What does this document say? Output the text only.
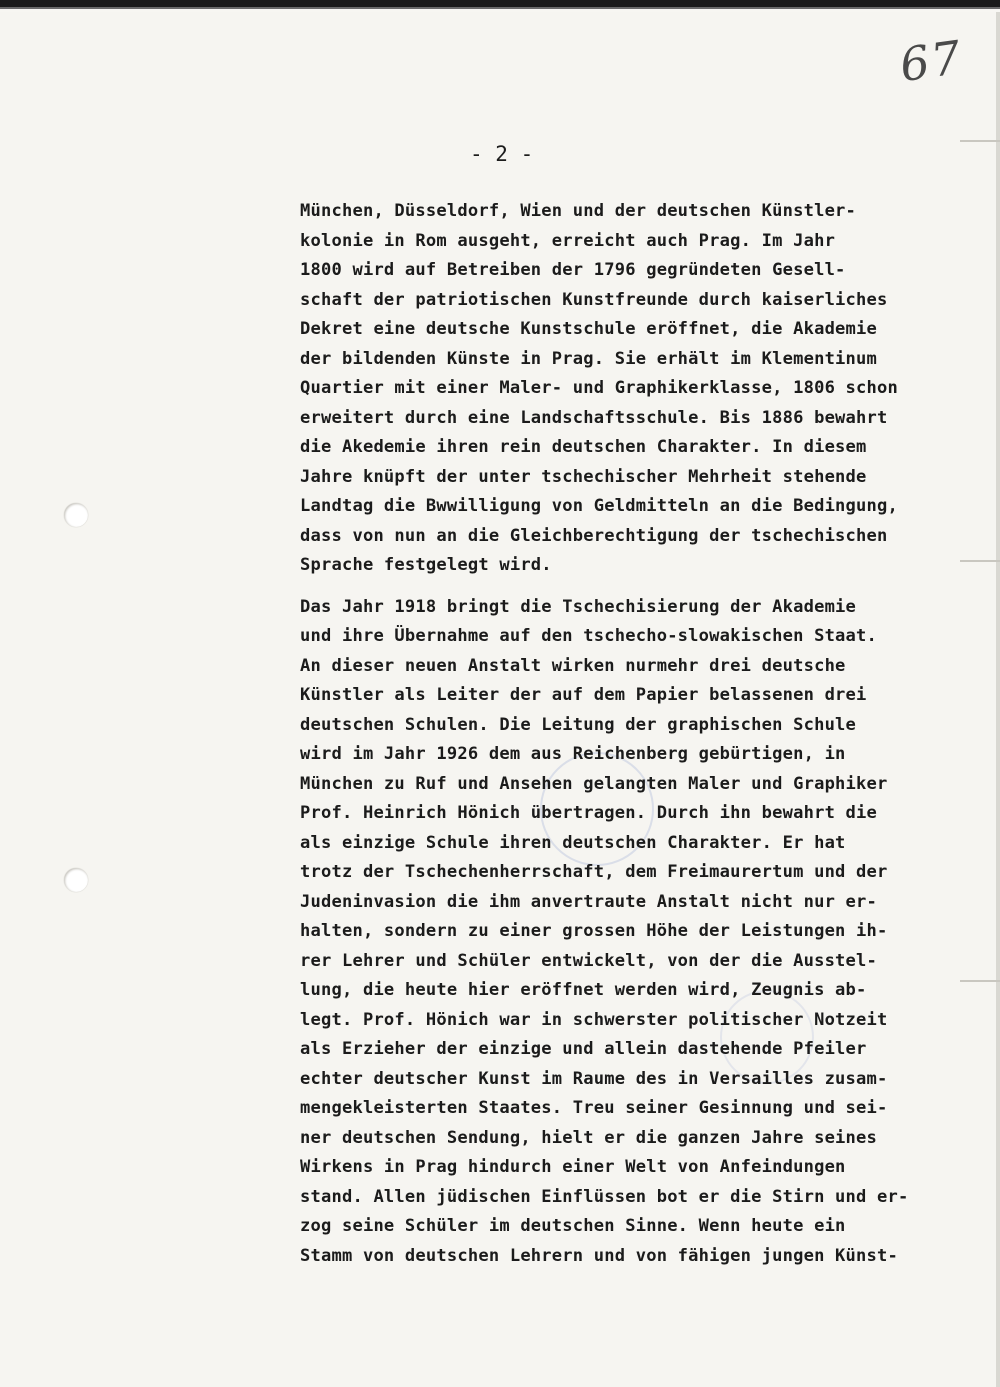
67
- 2 -
München, Düsseldorf, Wien und der deutschen Künstler-
kolonie in Rom ausgeht, erreicht auch Prag. Im Jahr
1800 wird auf Betreiben der 1796 gegründeten Gesell-
schaft der patriotischen Kunstfreunde durch kaiserliches
Dekret eine deutsche Kunstschule eröffnet, die Akademie
der bildenden Künste in Prag. Sie erhält im Klementinum
Quartier mit einer Maler- und Graphikerklasse, 1806 schon
erweitert durch eine Landschaftsschule. Bis 1886 bewahrt
die Akedemie ihren rein deutschen Charakter. In diesem
Jahre knüpft der unter tschechischer Mehrheit stehende
Landtag die Bwwilligung von Geldmitteln an die Bedingung,
dass von nun an die Gleichberechtigung der tschechischen
Sprache festgelegt wird.
Das Jahr 1918 bringt die Tschechisierung der Akademie
und ihre Übernahme auf den tschecho-slowakischen Staat.
An dieser neuen Anstalt wirken nurmehr drei deutsche
Künstler als Leiter der auf dem Papier belassenen drei
deutschen Schulen. Die Leitung der graphischen Schule
wird im Jahr 1926 dem aus Reichenberg gebürtigen, in
München zu Ruf und Ansehen gelangten Maler und Graphiker
Prof. Heinrich Hönich übertragen. Durch ihn bewahrt die
als einzige Schule ihren deutschen Charakter. Er hat
trotz der Tschechenherrschaft, dem Freimaurertum und der
Judeninvasion die ihm anvertraute Anstalt nicht nur er-
halten, sondern zu einer grossen Höhe der Leistungen ih-
rer Lehrer und Schüler entwickelt, von der die Ausstel-
lung, die heute hier eröffnet werden wird, Zeugnis ab-
legt. Prof. Hönich war in schwerster politischer Notzeit
als Erzieher der einzige und allein dastehende Pfeiler
echter deutscher Kunst im Raume des in Versailles zusam-
mengekleisterten Staates. Treu seiner Gesinnung und sei-
ner deutschen Sendung, hielt er die ganzen Jahre seines
Wirkens in Prag hindurch einer Welt von Anfeindungen
stand. Allen jüdischen Einflüssen bot er die Stirn und er-
zog seine Schüler im deutschen Sinne. Wenn heute ein
Stamm von deutschen Lehrern und von fähigen jungen Künst-
